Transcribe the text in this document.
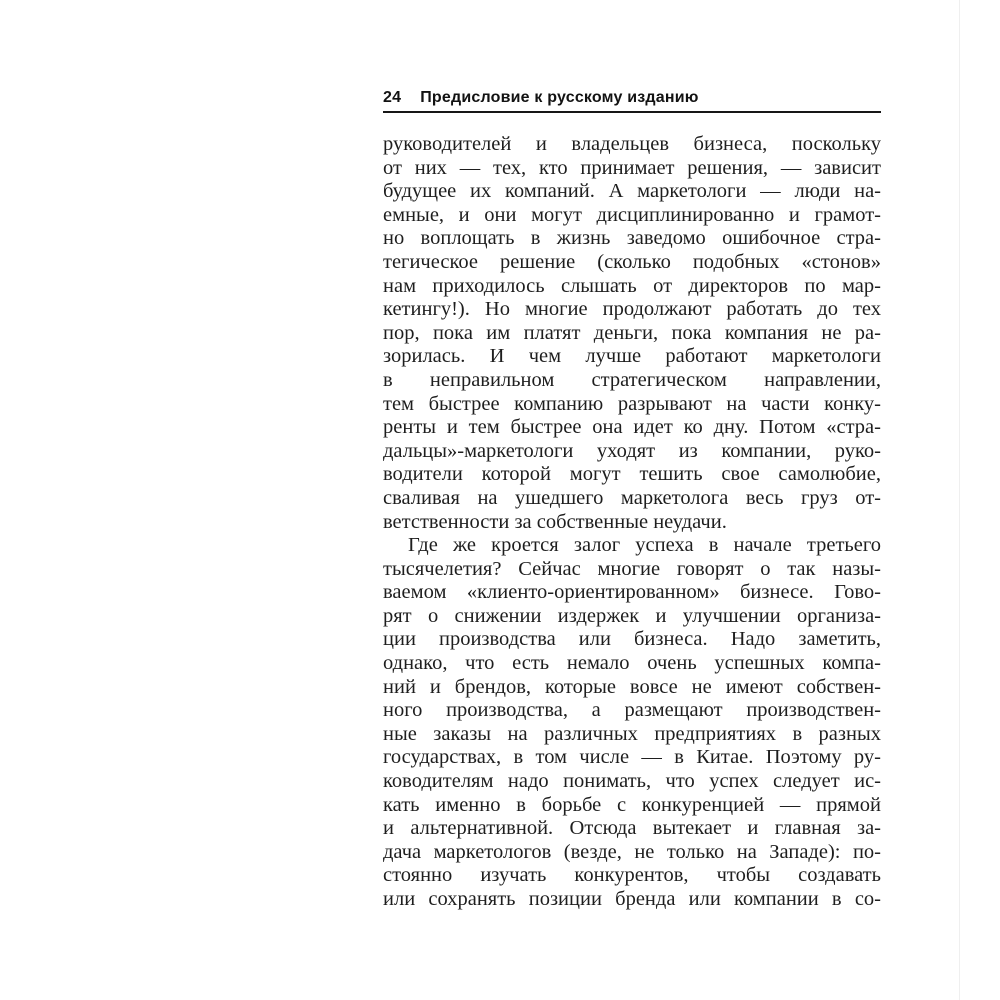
24 Предисловие к русскому изданию
руководителей и владельцев бизнеса, поскольку
от них — тех, кто принимает решения, — зависит
будущее их компаний. А маркетологи — люди на-
емные, и они могут дисциплинированно и грамот-
но воплощать в жизнь заведомо ошибочное стра-
тегическое решение (сколько подобных «стонов»
нам приходилось слышать от директоров по мар-
кетингу!). Но многие продолжают работать до тех
пор, пока им платят деньги, пока компания не ра-
зорилась. И чем лучше работают маркетологи
в неправильном стратегическом направлении,
тем быстрее компанию разрывают на части конку-
ренты и тем быстрее она идет ко дну. Потом «стра-
дальцы»-маркетологи уходят из компании, руко-
водители которой могут тешить свое самолюбие,
сваливая на ушедшего маркетолога весь груз от-
ветственности за собственные неудачи.
Где же кроется залог успеха в начале третьего
тысячелетия? Сейчас многие говорят о так назы-
ваемом «клиенто-ориентированном» бизнесе. Гово-
рят о снижении издержек и улучшении организа-
ции производства или бизнеса. Надо заметить,
однако, что есть немало очень успешных компа-
ний и брендов, которые вовсе не имеют собствен-
ного производства, а размещают производствен-
ные заказы на различных предприятиях в разных
государствах, в том числе — в Китае. Поэтому ру-
ководителям надо понимать, что успех следует ис-
кать именно в борьбе с конкуренцией — прямой
и альтернативной. Отсюда вытекает и главная за-
дача маркетологов (везде, не только на Западе): по-
стоянно изучать конкурентов, чтобы создавать
или сохранять позиции бренда или компании в со-
